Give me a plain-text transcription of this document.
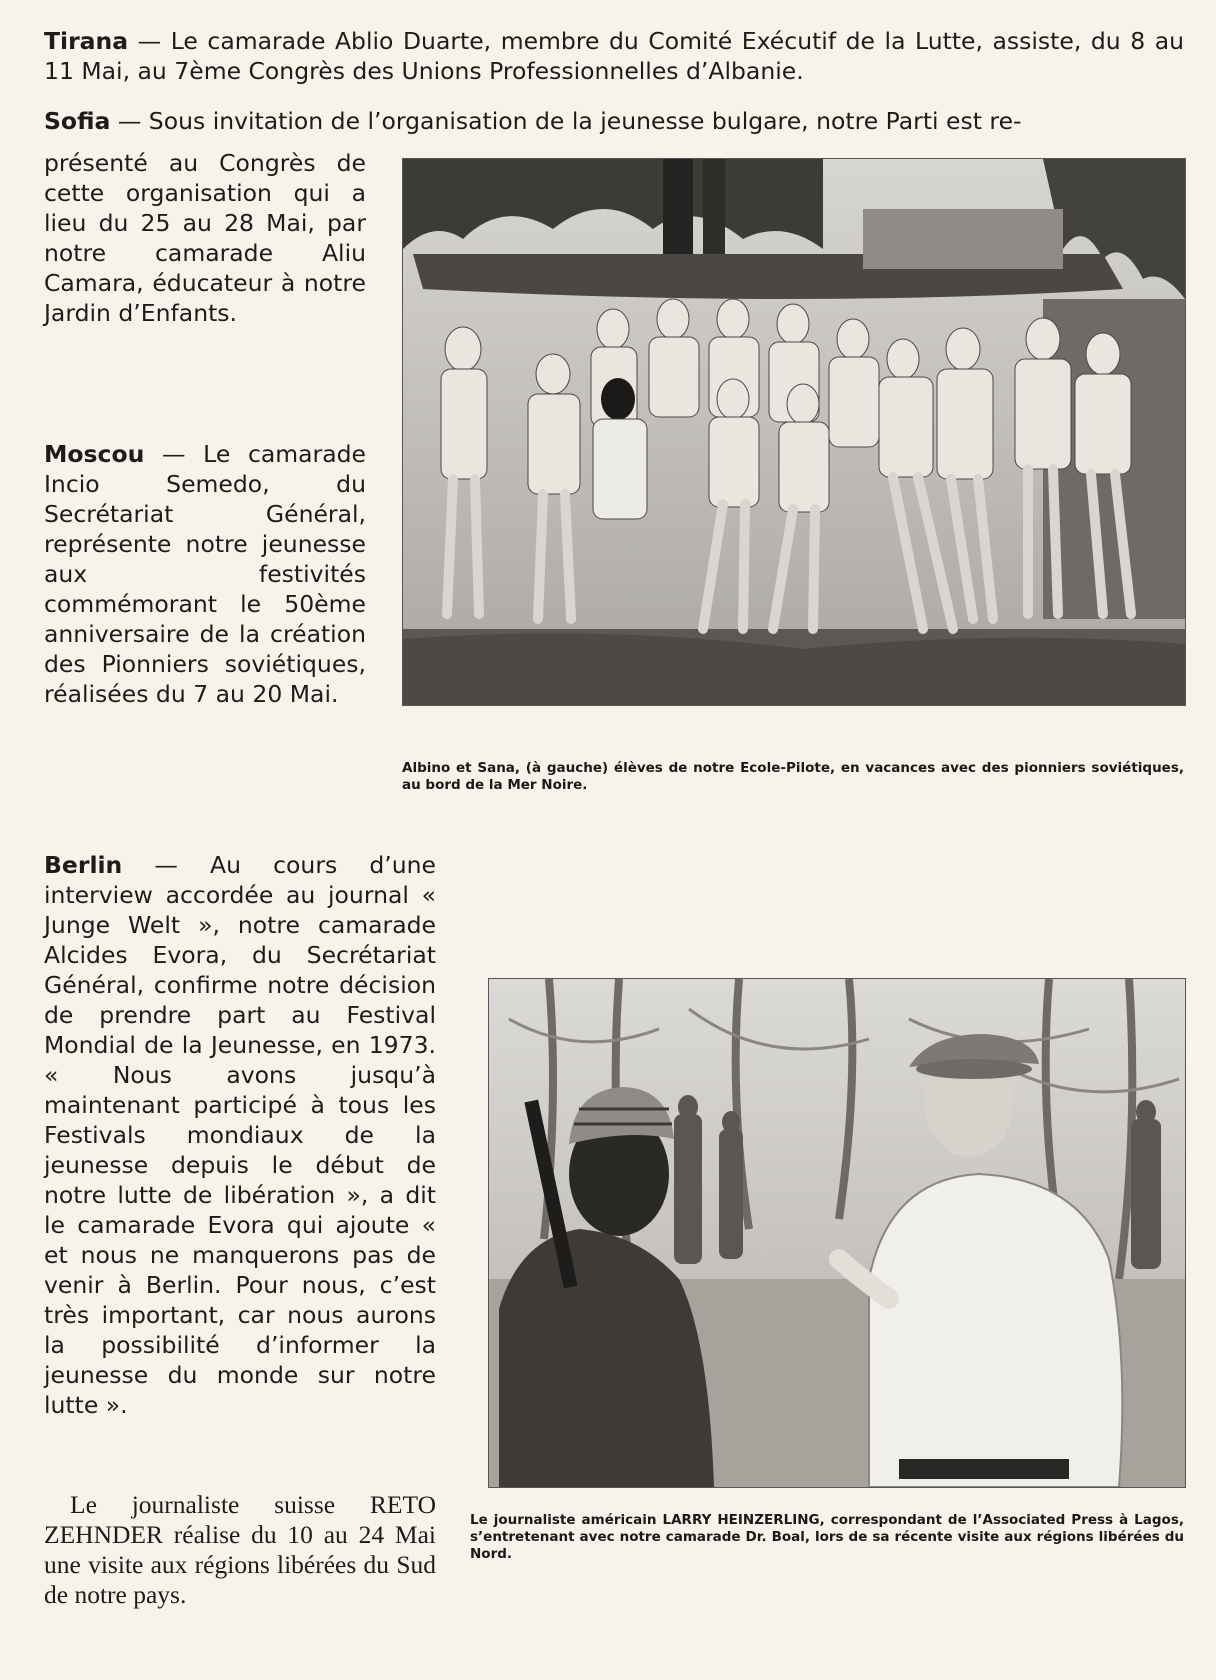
Tirana — Le camarade Ablio Duarte, membre du Comité Exécutif de la Lutte, assiste, du 8 au 11 Mai, au 7ème Congrès des Unions Professionnelles d’Albanie.

Sofia — Sous invitation de l’organisation de la jeunesse bulgare, notre Parti est re-

présenté au Congrès de cette organisation qui a lieu du 25 au 28 Mai, par notre camarade Aliu Camara, éducateur à notre Jardin d’Enfants.

Moscou — Le camarade Incio Semedo, du Secrétariat Général, représente notre jeunesse aux festivités commémorant le 50ème anniversaire de la création des Pionniers soviétiques, réalisées du 7 au 20 Mai.

Albino et Sana, (à gauche) élèves de notre Ecole-Pilote, en vacances avec des pionniers soviétiques, au bord de la Mer Noire.

Berlin — Au cours d’une interview accordée au journal « Junge Welt », notre camarade Alcides Evora, du Secrétariat Général, confirme notre décision de prendre part au Festival Mondial de la Jeunesse, en 1973. « Nous avons jusqu’à maintenant participé à tous les Festivals mondiaux de la jeunesse depuis le début de notre lutte de libération », a dit le camarade Evora qui ajoute « et nous ne manquerons pas de venir à Berlin. Pour nous, c’est très important, car nous aurons la possibilité d’informer la jeunesse du monde sur notre lutte ».

Le journaliste suisse RETO ZEHNDER réalise du 10 au 24 Mai une visite aux régions libérées du Sud de notre pays.

Le journaliste américain LARRY HEINZERLING, correspondant de l’Associated Press à Lagos, s’entretenant avec notre camarade Dr. Boal, lors de sa récente visite aux régions libérées du Nord.
